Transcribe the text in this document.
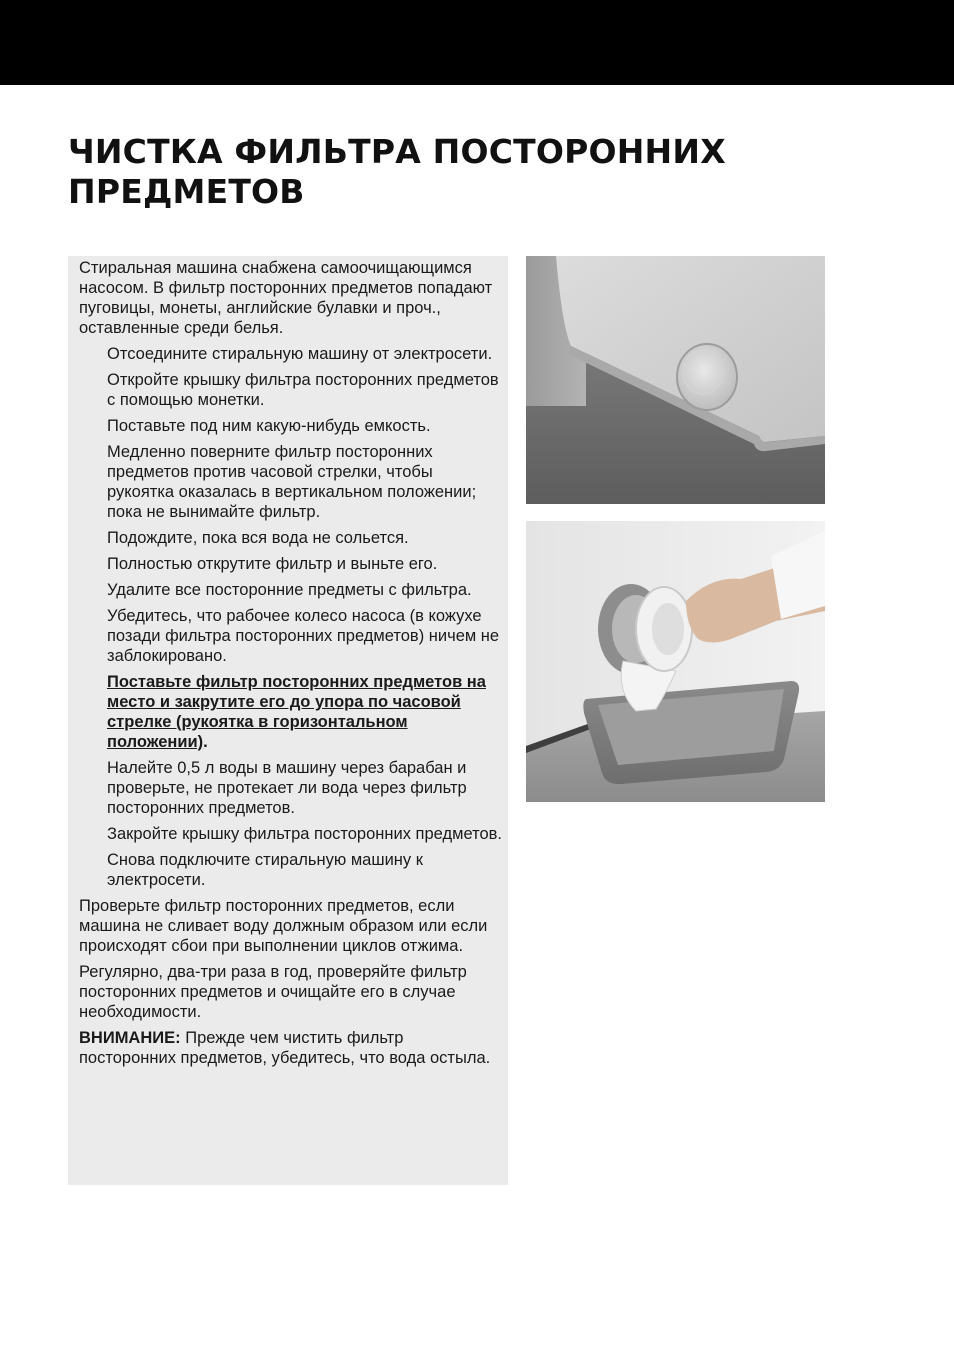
ЧИСТКА ФИЛЬТРА ПОСТОРОННИХ
ПРЕДМЕТОВ

Стиральная машина снабжена самоочищающимся насосом. В фильтр посторонних предметов попадают пуговицы, монеты, английские булавки и проч., оставленные среди белья.

Отсоедините стиральную машину от электросети.

Откройте крышку фильтра посторонних предметов с помощью монетки.

Поставьте под ним какую-нибудь емкость.

Медленно поверните фильтр посторонних предметов против часовой стрелки, чтобы рукоятка оказалась в вертикальном положении; пока не вынимайте фильтр.

Подождите, пока вся вода не сольется.

Полностью открутите фильтр и выньте его.

Удалите все посторонние предметы с фильтра.

Убедитесь, что рабочее колесо насоса (в кожухе позади фильтра посторонних предметов) ничем не заблокировано.

Поставьте фильтр посторонних предметов на место и закрутите его до упора по часовой стрелке (рукоятка в горизонтальном положении).

Налейте 0,5 л воды в машину через барабан и проверьте, не протекает ли вода через фильтр посторонних предметов.

Закройте крышку фильтра посторонних предметов.

Снова подключите стиральную машину к электросети.

Проверьте фильтр посторонних предметов, если машина не сливает воду должным образом или если происходят сбои при выполнении циклов отжима.

Регулярно, два-три раза в год, проверяйте фильтр посторонних предметов и очищайте его в случае необходимости.

ВНИМАНИЕ: Прежде чем чистить фильтр посторонних предметов, убедитесь, что вода остыла.
